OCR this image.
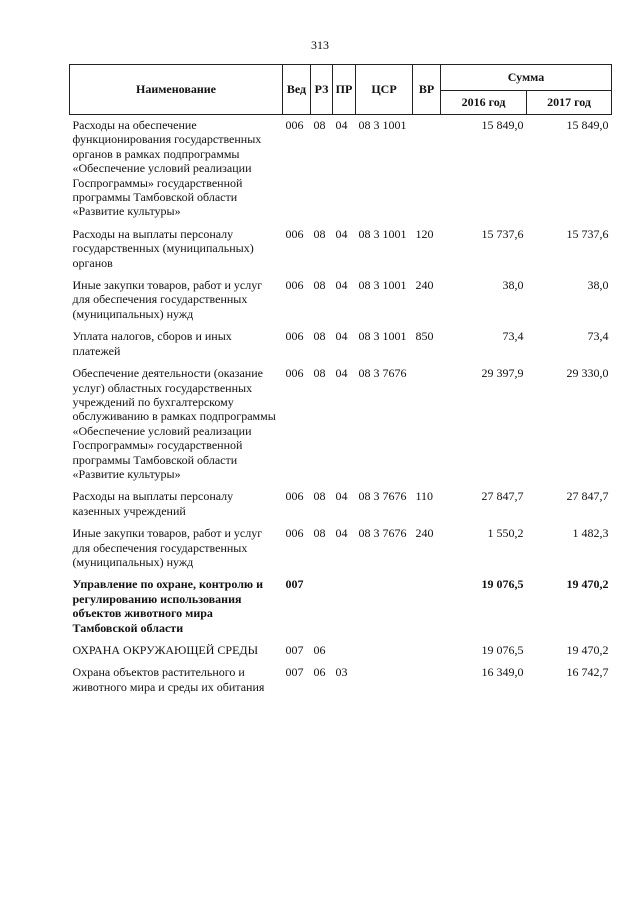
313
Наименование	Вед	РЗ	ПР	ЦСР	ВР	Сумма	
						2016 год	2017 год
Расходы на обеспечение функционирования государственных органов в рамках подпрограммы «Обеспечение условий реализации Госпрограммы» государственной программы Тамбовской области «Развитие культуры»	006	08	04	08 3 1001		15 849,0	15 849,0
Расходы на выплаты персоналу государственных (муниципальных) органов	006	08	04	08 3 1001	120	15 737,6	15 737,6
Иные закупки товаров, работ и услуг для обеспечения государственных (муниципальных) нужд	006	08	04	08 3 1001	240	38,0	38,0
Уплата налогов, сборов и иных платежей	006	08	04	08 3 1001	850	73,4	73,4
Обеспечение деятельности (оказание услуг) областных государственных учреждений по бухгалтерскому обслуживанию в рамках подпрограммы «Обеспечение условий реализации Госпрограммы» государственной программы Тамбовской области «Развитие культуры»	006	08	04	08 3 7676		29 397,9	29 330,0
Расходы на выплаты персоналу казенных учреждений	006	08	04	08 3 7676	110	27 847,7	27 847,7
Иные закупки товаров, работ и услуг для обеспечения государственных (муниципальных) нужд	006	08	04	08 3 7676	240	1 550,2	1 482,3
Управление по охране, контролю и регулированию использования объектов животного мира Тамбовской области	007					19 076,5	19 470,2
ОХРАНА ОКРУЖАЮЩЕЙ СРЕДЫ	007	06				19 076,5	19 470,2
Охрана объектов растительного и животного мира и среды их обитания	007	06	03			16 349,0	16 742,7
